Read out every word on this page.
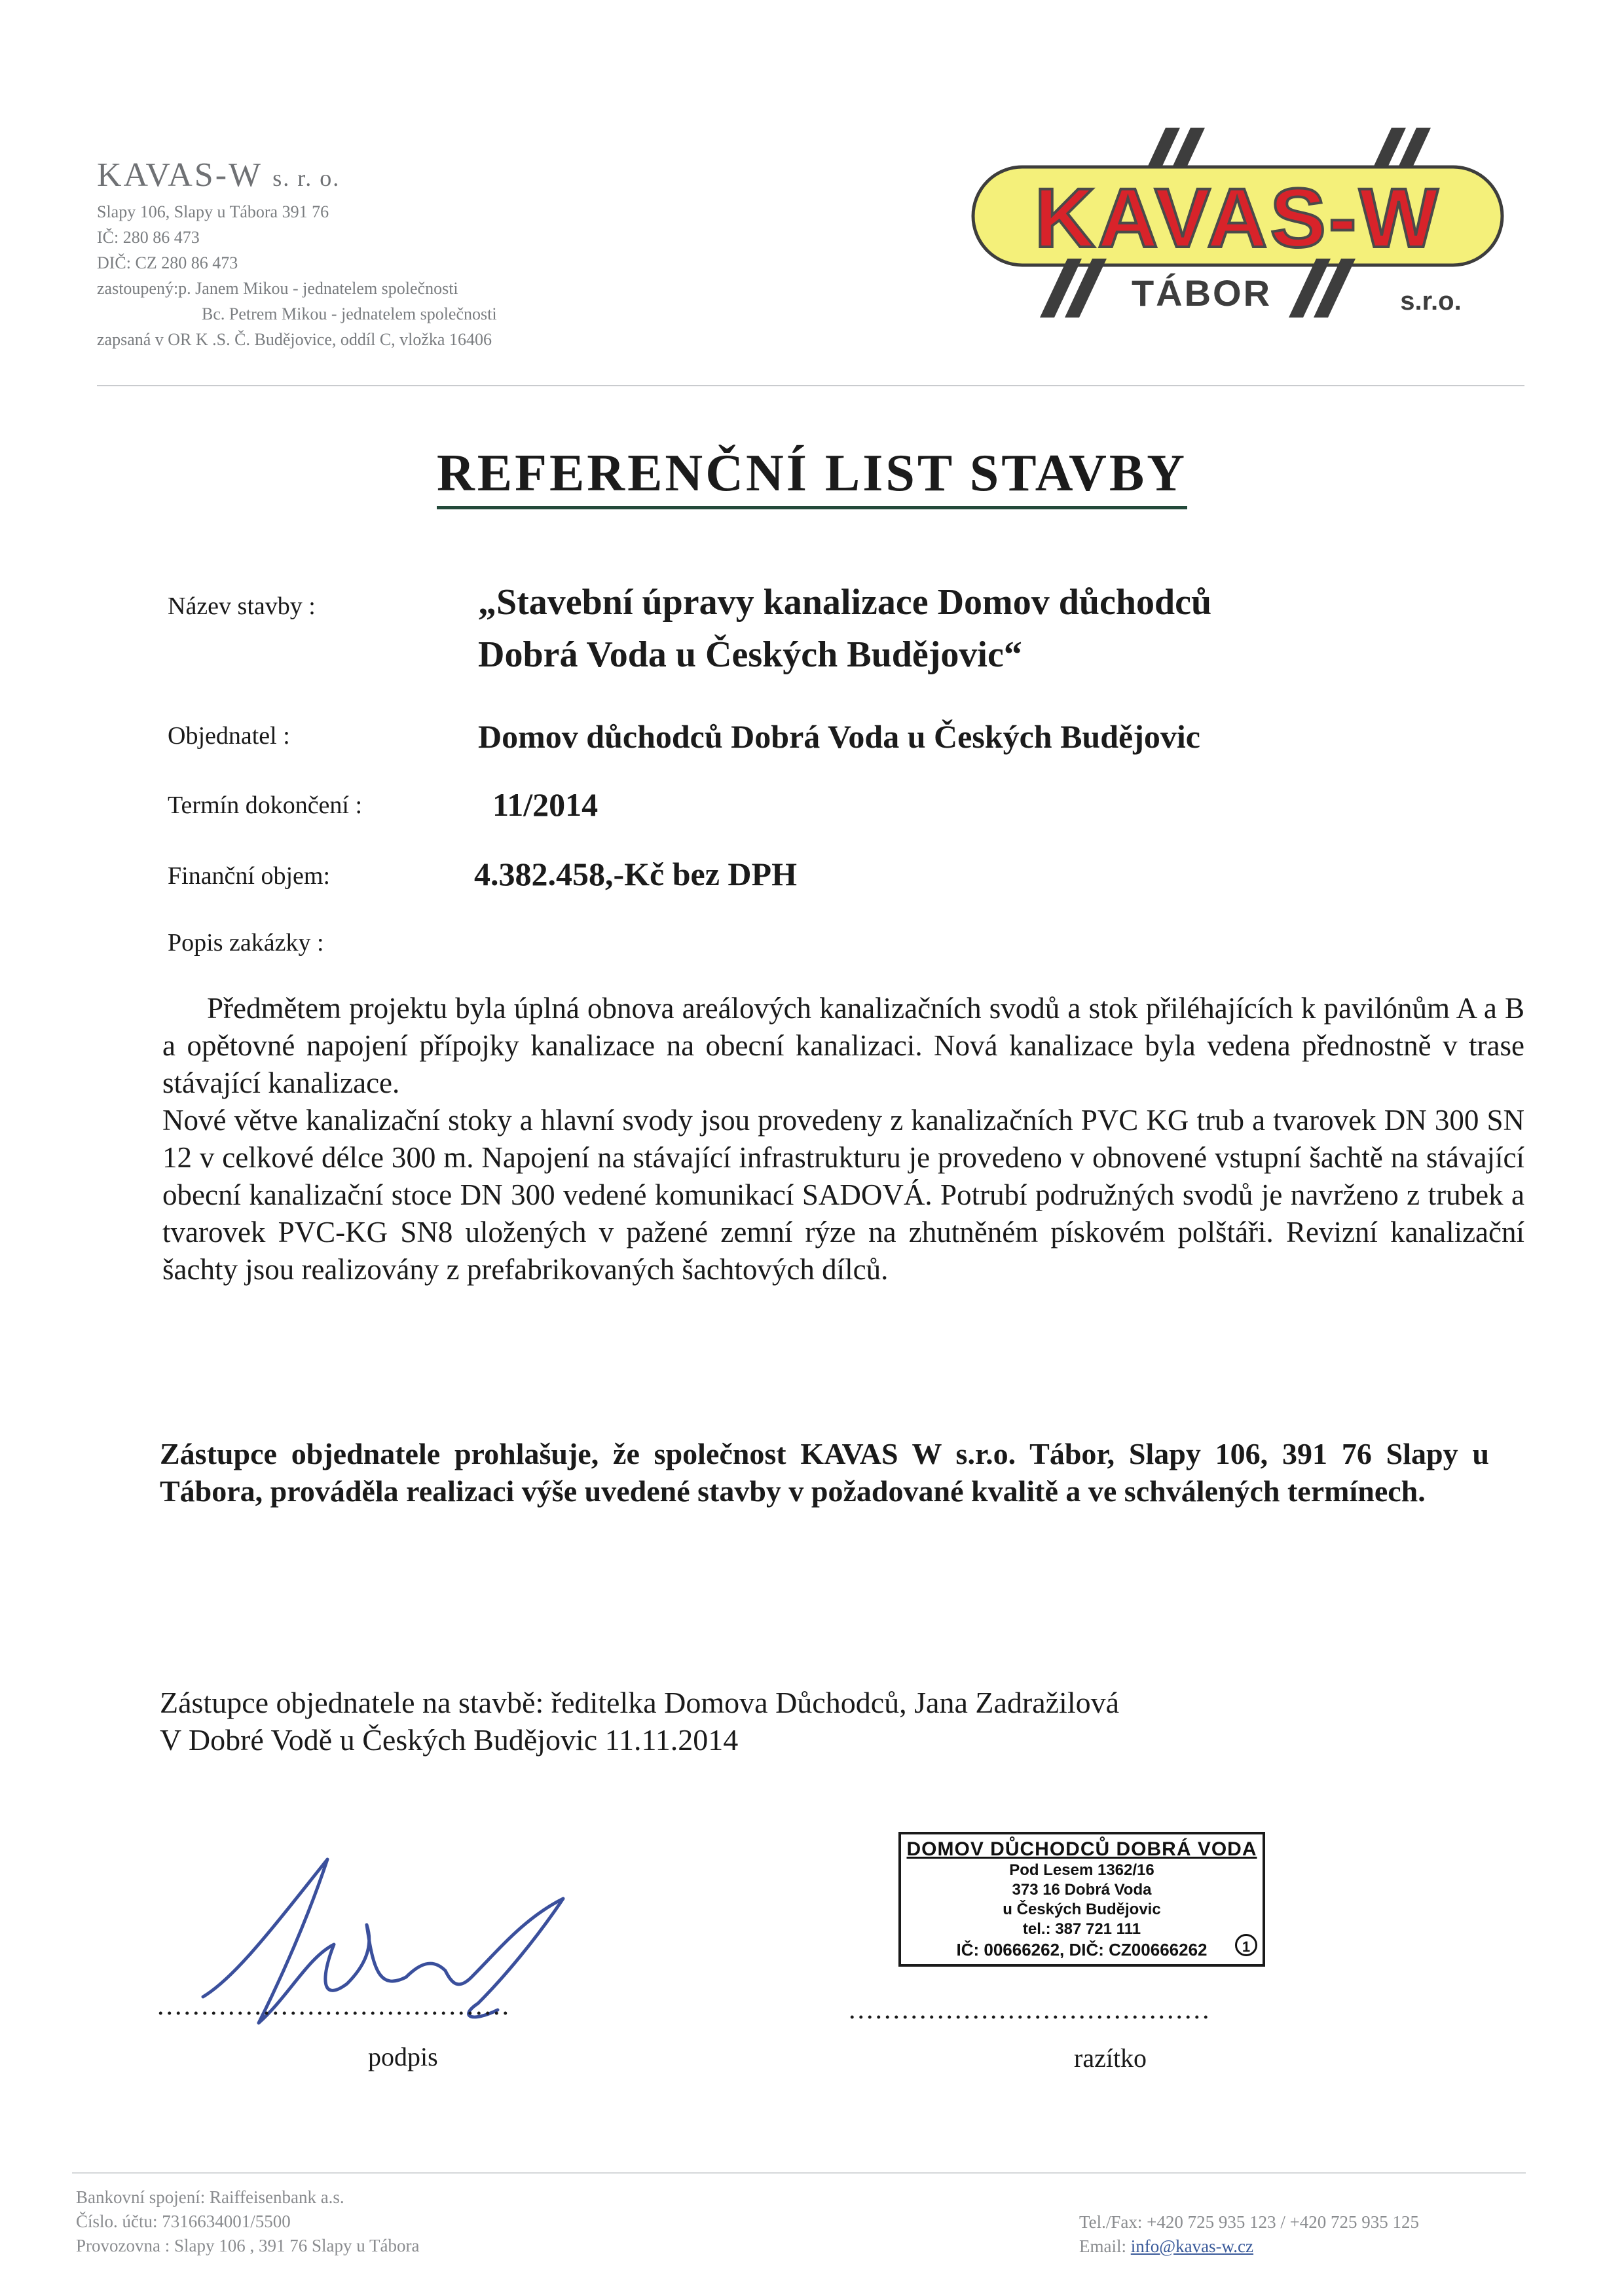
KAVAS-W s. r. o.
Slapy 106, Slapy u Tábora 391 76
IČ: 280 86 473
DIČ: CZ 280 86 473
zastoupený:p. Janem Mikou - jednatelem společnosti
Bc. Petrem Mikou - jednatelem společnosti
zapsaná v OR K .S. Č. Budějovice, oddíl C, vložka 16406
KAVAS-W
TÁBOR	s.r.o.
REFERENČNÍ LIST STAVBY
Název stavby :	„Stavební úpravy kanalizace Domov důchodců
Dobrá Voda u Českých Budějovic“
Objednatel :	Domov důchodců Dobrá Voda u Českých Budějovic
Termín dokončení :	11/2014
Finanční objem:	4.382.458,-Kč bez DPH
Popis zakázky :

Předmětem projektu byla úplná obnova areálových kanalizačních svodů a stok přiléhajících k pavilónům A a B a opětovné napojení přípojky kanalizace na obecní kanalizaci. Nová kanalizace byla vedena přednostně v trase stávající kanalizace.

Nové větve kanalizační stoky a hlavní svody jsou provedeny z kanalizačních PVC KG trub a tvarovek DN 300 SN 12 v celkové délce 300 m. Napojení na stávající infrastrukturu je provedeno v obnovené vstupní šachtě na stávající obecní kanalizační stoce DN 300 vedené komunikací SADOVÁ. Potrubí podružných svodů je navrženo z trubek a tvarovek PVC-KG SN8 uložených v pažené zemní rýze na zhutněném pískovém polštáři. Revizní kanalizační šachty jsou realizovány z prefabrikovaných šachtových dílců.

Zástupce objednatele prohlašuje, že společnost KAVAS W s.r.o. Tábor, Slapy 106, 391 76 Slapy u Tábora, prováděla realizaci výše uvedené stavby v požadované kvalitě a ve schválených termínech.
Zástupce objednatele na stavbě: ředitelka Domova Důchodců, Jana Zadražilová
V Dobré Vodě u Českých Budějovic 11.11.2014
DOMOV DŮCHODCŮ DOBRÁ VODA
Pod Lesem 1362/16
373 16 Dobrá Voda
u Českých Budějovic
tel.: 387 721 111
IČ: 00666262, DIČ: CZ00666262	1
........................................	.........................................
podpis	razítko
Bankovní spojení: Raiffeisenbank a.s.
Číslo. účtu: 7316634001/5500
Provozovna : Slapy 106 , 391 76 Slapy u Tábora
Tel./Fax: +420 725 935 123 / +420 725 935 125
Email: info@kavas-w.cz
